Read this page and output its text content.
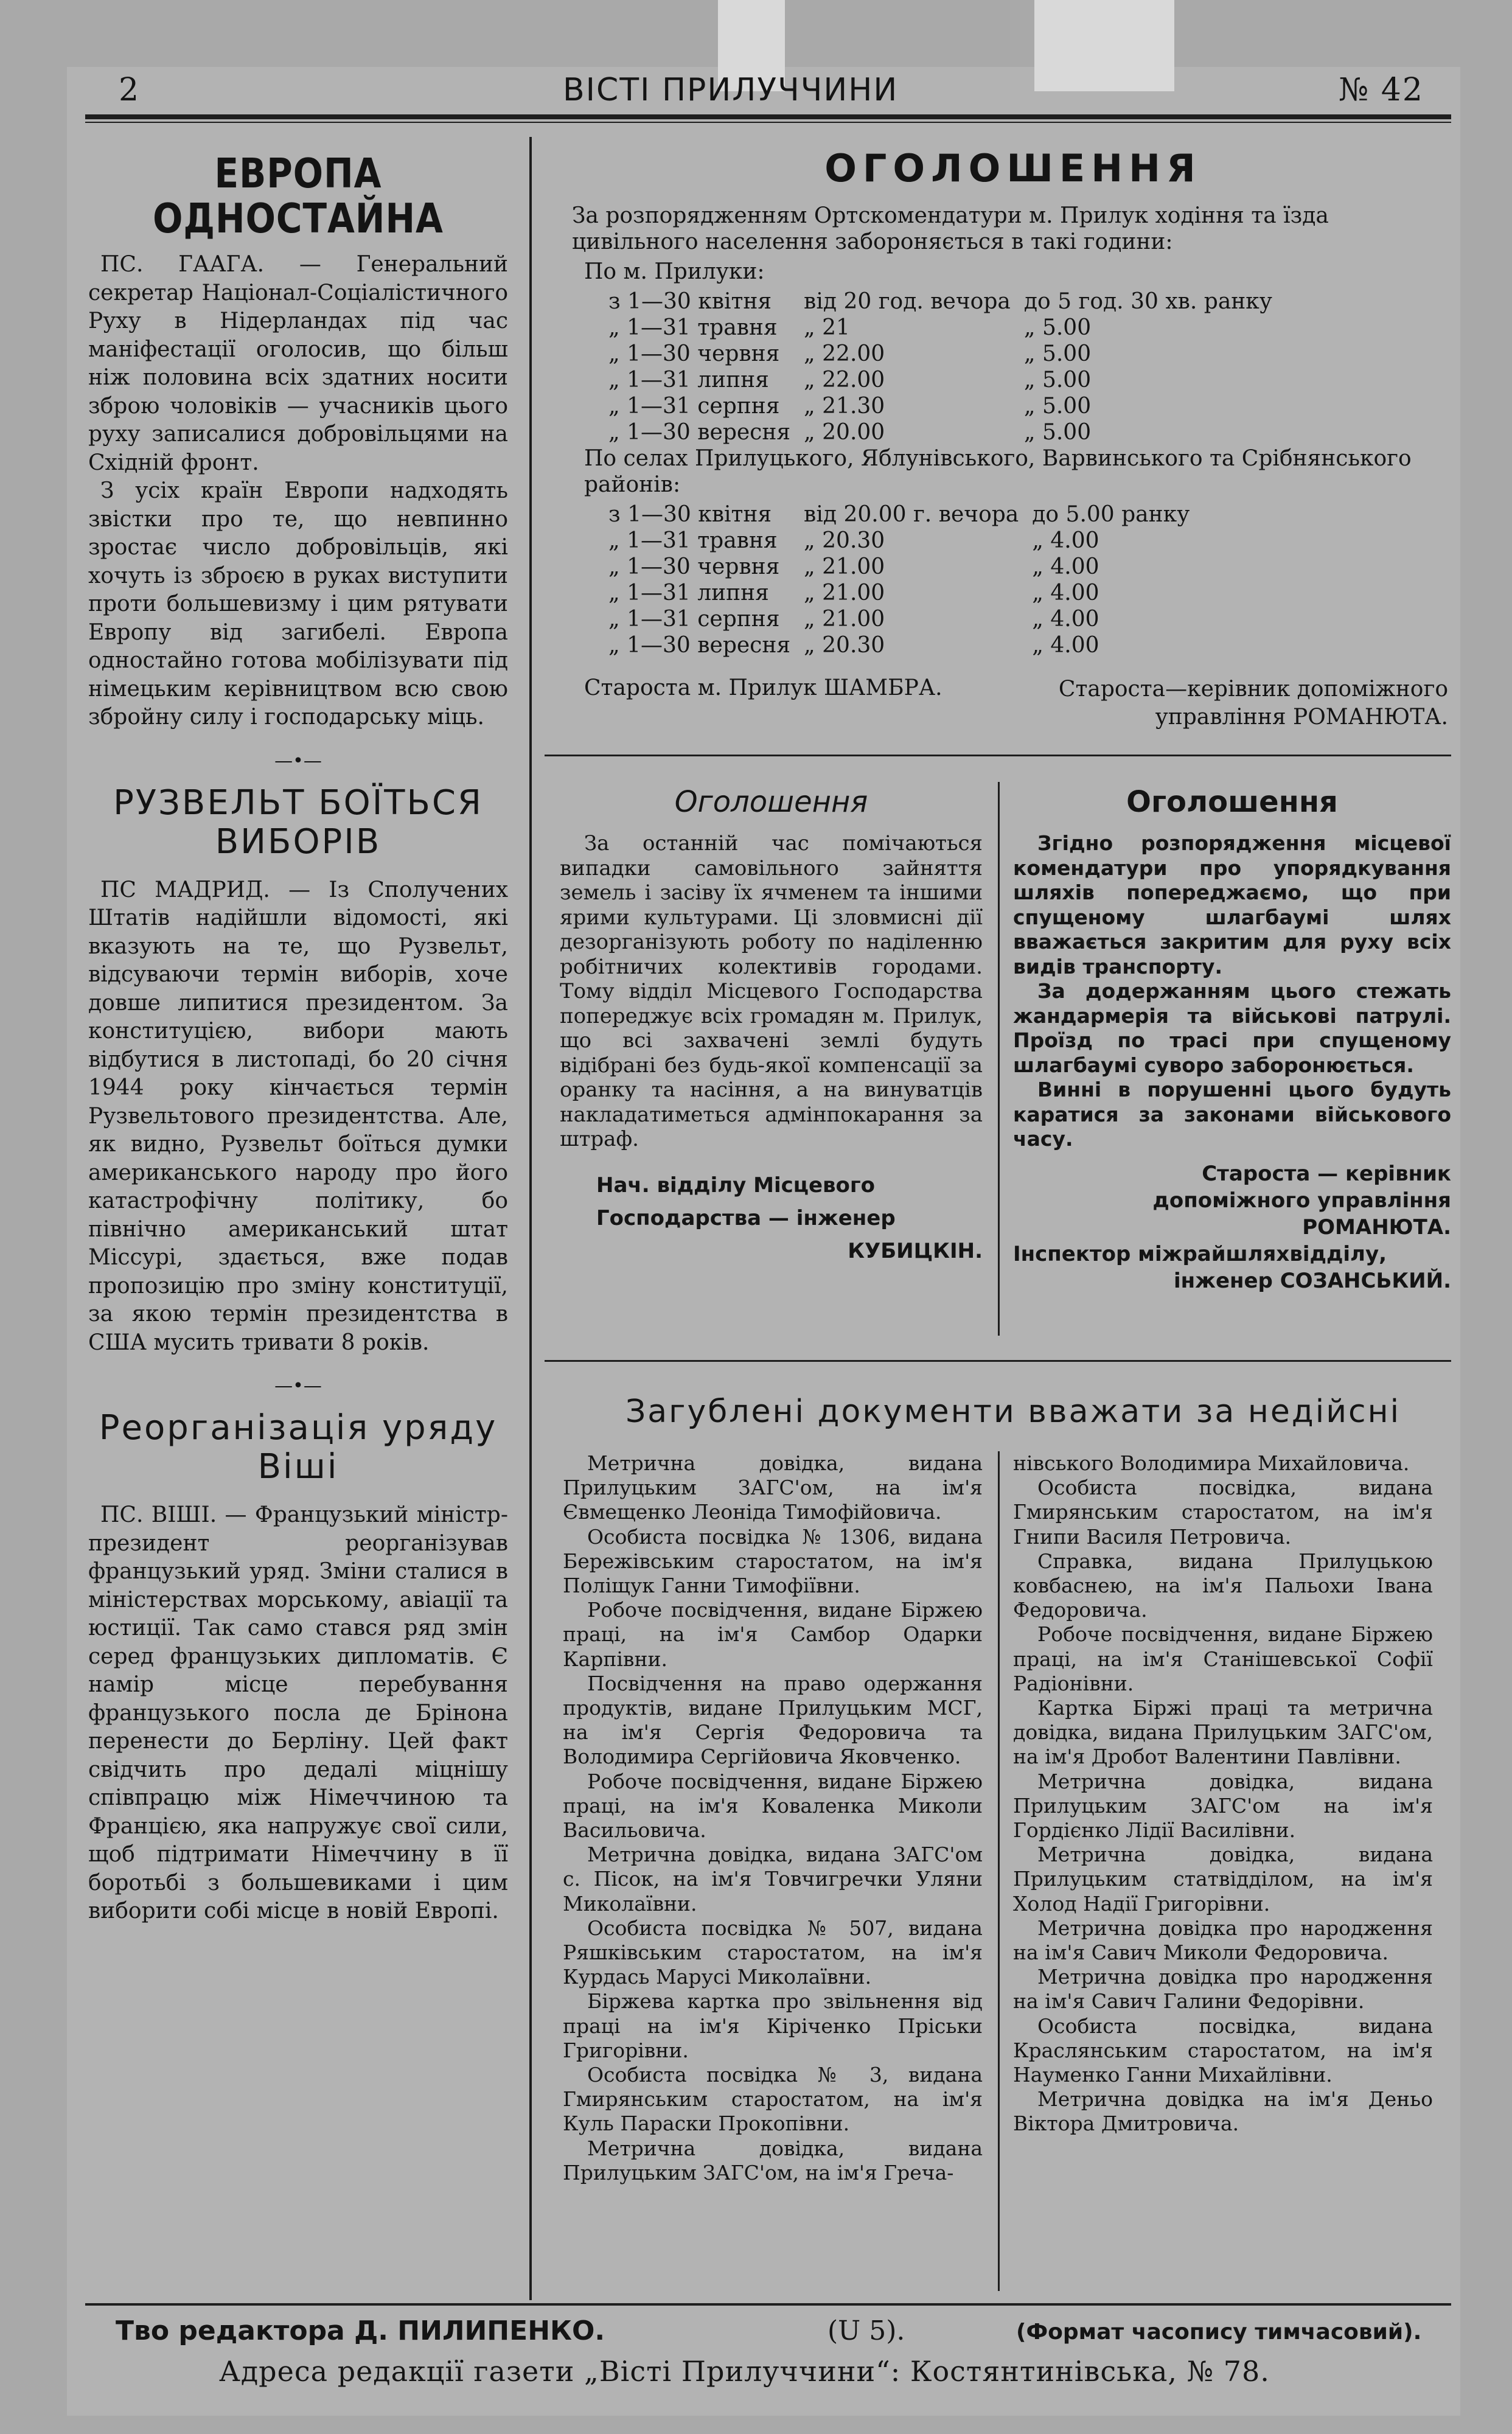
2	ВІСТІ ПРИЛУЧЧИНИ	№ 42
ЕВРОПА ОДНОСТАЙНА

ПС. ГААГА. — Генеральний секретар Націонал-Соціалістичного Руху в Нідерландах під час маніфестації оголосив, що більш ніж половина всіх здатних носити зброю чоловіків — учасників цього руху записалися добровільцями на Східній фронт.

З усіх країн Европи надходять звістки про те, що невпинно зростає число добровільців, які хочуть із зброєю в руках виступити проти большевизму і цим рятувати Европу від загибелі. Европа одностайно готова мобілізувати під німецьким керівництвом всю свою збройну силу і господарську міць.

—•—
РУЗВЕЛЬТ БОЇТЬСЯ ВИБОРІВ

ПС МАДРИД. — Із Сполучених Штатів надійшли відомості, які вказують на те, що Рузвельт, відсуваючи термін виборів, хоче довше липитися президентом. За конституцією, вибори мають відбутися в листопаді, бо 20 січня 1944 року кінчається термін Рузвельтового президентства. Але, як видно, Рузвельт боїться думки американського народу про його катастрофічну політику, бо північно американський штат Міссурі, здається, вже подав пропозицію про зміну конституції, за якою термін президентства в США мусить тривати 8 років.

—•—
Реорганізація уряду Віші

ПС. ВІШІ. — Французький міністр-президент реорганізував французький уряд. Зміни сталися в міністерствах морському, авіації та юстиції. Так само стався ряд змін серед французьких дипломатів. Є намір місце перебування французького посла де Брінона перенести до Берліну. Цей факт свідчить про дедалі міцнішу співпрацю між Німеччиною та Францією, яка напружує свої сили, щоб підтримати Німеччину в її боротьбі з большевиками і цим виборити собі місце в новій Европі.

ОГОЛОШЕННЯ

За розпорядженням Ортскомендатури м. Прилук ходіння та їзда цивільного населення забороняється в такі години:

По м. Прилуки:

з 1—30 квітня	від 20 год. вечора	до 5 год. 30 хв. ранку
„ 1—31 травня	„ 21	„ 5.00
„ 1—30 червня	„ 22.00	„ 5.00
„ 1—31 липня	„ 22.00	„ 5.00
„ 1—31 серпня	„ 21.30	„ 5.00
„ 1—30 вересня	„ 20.00	„ 5.00

По селах Прилуцького, Яблунівського, Варвинського та Срібнянського районів:

з 1—30 квітня	від 20.00 г. вечора	до 5.00 ранку
„ 1—31 травня	„ 20.30	„ 4.00
„ 1—30 червня	„ 21.00	„ 4.00
„ 1—31 липня	„ 21.00	„ 4.00
„ 1—31 серпня	„ 21.00	„ 4.00
„ 1—30 вересня	„ 20.30	„ 4.00
Староста м. Прилук ШАМБРА.	Староста—керівник допоміжного
управління РОМАНЮТА.
Оголошення

За останній час помічаються випадки самовільного зайняття земель і засіву їх ячменем та іншими ярими культурами. Ці зловмисні дії дезорганізують роботу по наділенню робітничих колективів городами. Тому відділ Місцевого Господарства попереджує всіх громадян м. Прилук, що всі захвачені землі будуть відібрані без будь-якої компенсації за оранку та насіння, а на винуватців накладатиметься адмінпокарання за штраф.

Нач. відділу Місцевого
Господарства — інженер
КУБИЦКІН.
Оголошення

Згідно розпорядження місцевої комендатури про упорядкування шляхів попереджаємо, що при спущеному шлагбаумі шлях вважається закритим для руху всіх видів транспорту.

За додержанням цього стежать жандармерія та військові патрулі. Проїзд по трасі при спущеному шлагбаумі суворо заборонюється.

Винні в порушенні цього будуть каратися за законами військового часу.

Староста — керівник
допоміжного управління
РОМАНЮТА.
Інспектор міжрайшляхвідділу,
інженер СОЗАНСЬКИЙ.
Загублені документи вважати за недійсні

Метрична довідка, видана Прилуцьким ЗАГС'ом, на ім'я Євмещенко Леоніда Тимофійовича.

Особиста посвідка № 1306, видана Бережівським старостатом, на ім'я Поліщук Ганни Тимофіївни.

Робоче посвідчення, видане Біржею праці, на ім'я Самбор Одарки Карпівни.

Посвідчення на право одержання продуктів, видане Прилуцьким МСГ, на ім'я Сергія Федоровича та Володимира Сергійовича Яковченко.

Робоче посвідчення, видане Біржею праці, на ім'я Коваленка Миколи Васильовича.

Метрична довідка, видана ЗАГС'ом с. Пісок, на ім'я Товчигречки Уляни Миколаївни.

Особиста посвідка № 507, видана Ряшківським старостатом, на ім'я Курдась Марусі Миколаївни.

Біржева картка про звільнення від праці на ім'я Кіріченко Пріськи Григорівни.

Особиста посвідка № 3, видана Гмирянським старостатом, на ім'я Куль Параски Прокопівни.

Метрична довідка, видана Прилуцьким ЗАГС'ом, на ім'я Греча-

нівського Володимира Михайловича.

Особиста посвідка, видана Гмирянським старостатом, на ім'я Гнипи Василя Петровича.

Справка, видана Прилуцькою ковбаснею, на ім'я Пальохи Івана Федоровича.

Робоче посвідчення, видане Біржею праці, на ім'я Станішевської Софії Радіонівни.

Картка Біржі праці та метрична довідка, видана Прилуцьким ЗАГС'ом, на ім'я Дробот Валентини Павлівни.

Метрична довідка, видана Прилуцьким ЗАГС'ом на ім'я Гордієнко Лідії Василівни.

Метрична довідка, видана Прилуцьким статвідділом, на ім'я Холод Надії Григорівни.

Метрична довідка про народження на ім'я Савич Миколи Федоровича.

Метрична довідка про народження на ім'я Савич Галини Федорівни.

Особиста посвідка, видана Краслянським старостатом, на ім'я Науменко Ганни Михайлівни.

Метрична довідка на ім'я Деньо Віктора Дмитровича.

Тво редактора Д. ПИЛИПЕНКО.	(U 5).	(Формат часопису тимчасовий).
Адреса редакції газети „Вісті Прилуччини“: Костянтинівська, № 78.
